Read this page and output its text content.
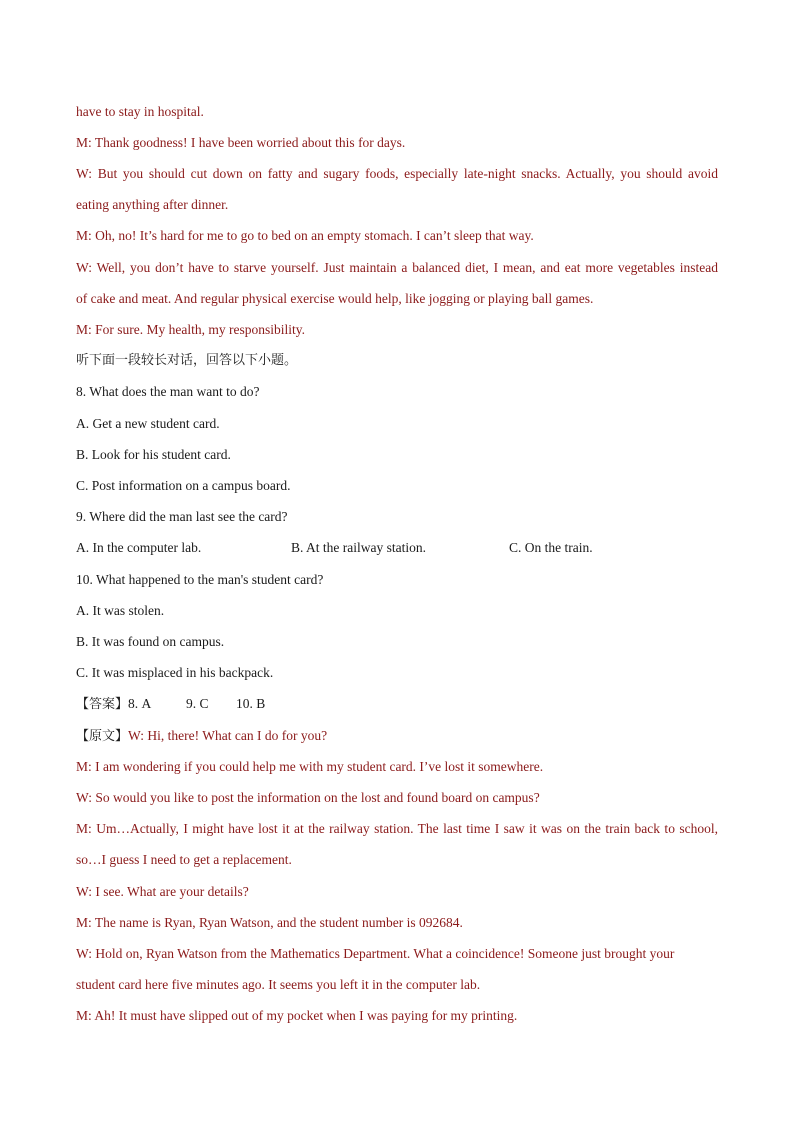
have to stay in hospital.
M: Thank goodness! I have been worried about this for days.
W: But you should cut down on fatty and sugary foods, especially late-night snacks. Actually, you should avoid
eating anything after dinner.
M: Oh, no! It’s hard for me to go to bed on an empty stomach. I can’t sleep that way.
W: Well, you don’t have to starve yourself. Just maintain a balanced diet, I mean, and eat more vegetables instead
of cake and meat. And regular physical exercise would help, like jogging or playing ball games.
M: For sure. My health, my responsibility.
听下面一段较长对话，回答以下小题。
8. What does the man want to do?
A. Get a new student card.
B. Look for his student card.
C. Post information on a campus board.
9. Where did the man last see the card?
A. In the computer lab.	B. At the railway station.	C. On the train.
10. What happened to the man's student card?
A. It was stolen.
B. It was found on campus.
C. It was misplaced in his backpack.
【答案】8. A	9. C 10. B
【原文】W: Hi, there! What can I do for you?
M: I am wondering if you could help me with my student card. I’ve lost it somewhere.
W: So would you like to post the information on the lost and found board on campus?
M: Um…Actually, I might have lost it at the railway station. The last time I saw it was on the train back to school,
so…I guess I need to get a replacement.
W: I see. What are your details?
M: The name is Ryan, Ryan Watson, and the student number is 092684.
W: Hold on, Ryan Watson from the Mathematics Department. What a coincidence! Someone just brought your
student card here five minutes ago. It seems you left it in the computer lab.
M: Ah! It must have slipped out of my pocket when I was paying for my printing.
